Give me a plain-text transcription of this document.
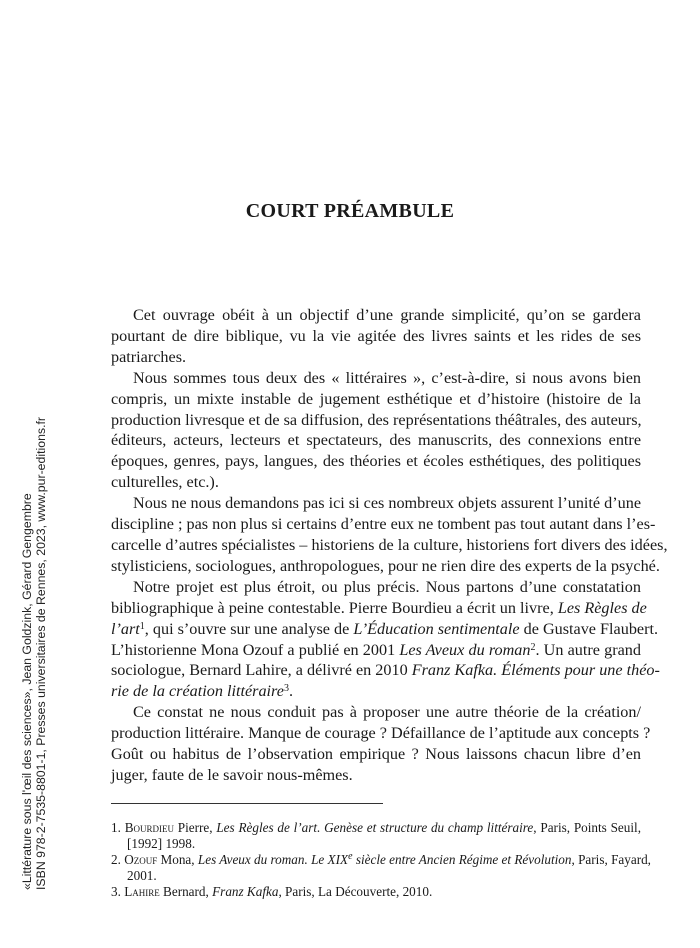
COURT PRÉAMBULE
Cet ouvrage obéit à un objectif d’une grande simplicité, qu’on se gardera
pourtant de dire biblique, vu la vie agitée des livres saints et les rides de ses
patriarches.
Nous sommes tous deux des « littéraires », c’est-à-dire, si nous avons bien
compris, un mixte instable de jugement esthétique et d’histoire (histoire de la
production livresque et de sa diffusion, des représentations théâtrales, des auteurs,
éditeurs, acteurs, lecteurs et spectateurs, des manuscrits, des connexions entre
époques, genres, pays, langues, des théories et écoles esthétiques, des politiques
culturelles, etc.).
Nous ne nous demandons pas ici si ces nombreux objets assurent l’unité d’une
discipline ; pas non plus si certains d’entre eux ne tombent pas tout autant dans l’es-
carcelle d’autres spécialistes – historiens de la culture, historiens fort divers des idées,
stylisticiens, sociologues, anthropologues, pour ne rien dire des experts de la psyché.
Notre projet est plus étroit, ou plus précis. Nous partons d’une constatation
bibliographique à peine contestable. Pierre Bourdieu a écrit un livre, Les Règles de
l’art$^1$, qui s’ouvre sur une analyse de L’Éducation sentimentale de Gustave Flaubert.
L’historienne Mona Ozouf a publié en 2001 Les Aveux du roman$^2$. Un autre grand
sociologue, Bernard Lahire, a délivré en 2010 Franz Kafka. Éléments pour une théo-
rie de la création littéraire$^3$.
Ce constat ne nous conduit pas à proposer une autre théorie de la création/
production littéraire. Manque de courage ? Défaillance de l’aptitude aux concepts ?
Goût ou habitus de l’observation empirique ? Nous laissons chacun libre d’en
juger, faute de le savoir nous-mêmes.
1. Bourdieu Pierre, Les Règles de l’art. Genèse et structure du champ littéraire, Paris, Points Seuil,
[1992] 1998.
2. Ozouf Mona, Les Aveux du roman. Le XIXe siècle entre Ancien Régime et Révolution, Paris, Fayard,
2001.
3. Lahire Bernard, Franz Kafka, Paris, La Découverte, 2010.
«Littérature sous l'œil des sciences», Jean Goldzink, Gérard Gengembre ISBN 978-2-7535-8801-1, Presses universitaires de Rennes, 2023, www.pur-editions.fr
